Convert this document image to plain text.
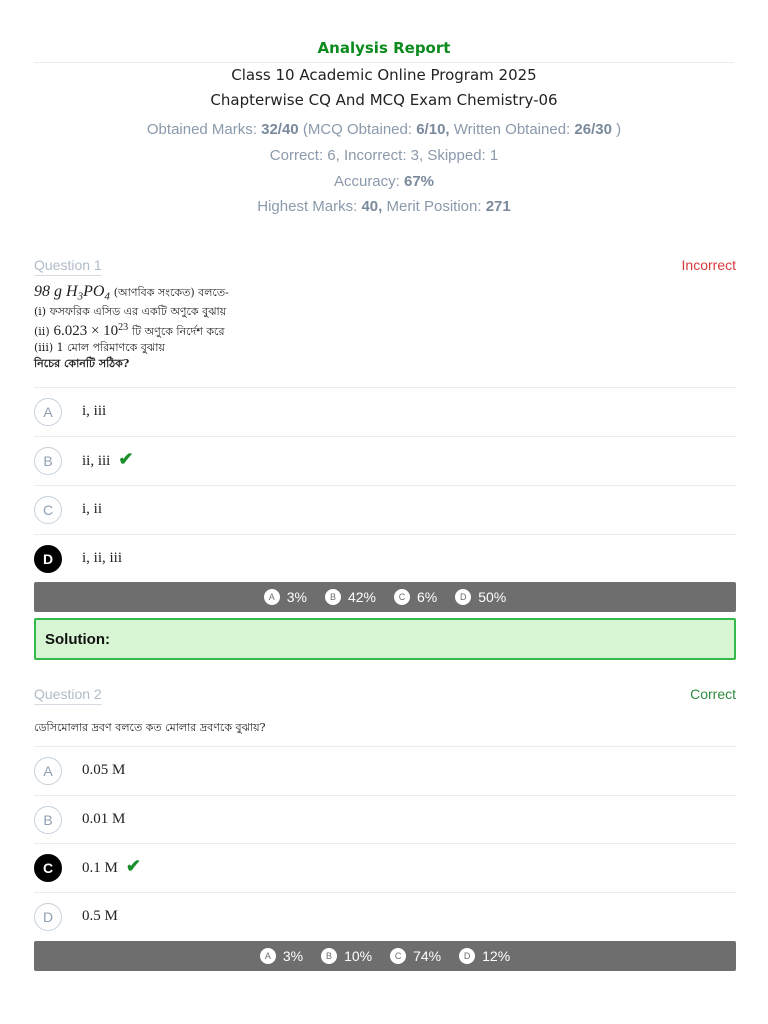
Analysis Report
Class 10 Academic Online Program 2025
Chapterwise CQ And MCQ Exam Chemistry-06
Obtained Marks: 32/40 (MCQ Obtained: 6/10, Written Obtained: 26/30 )
Correct: 6, Incorrect: 3, Skipped: 1
Accuracy: 67%
Highest Marks: 40, Merit Position: 271
Question 1	Incorrect
98 g $H_3PO_4$ (আণবিক সংকেত) বলতে-
(i) ফসফরিক এসিড এর একটি অণুকে বুঝায়
(ii) $6.023 \times 10^{23}$ টি অণুকে নির্দেশ করে
(iii) 1 মোল পরিমাণকে বুঝায়
নিচের কোনটি সঠিক?
A	i, iii
B	ii, iii ✔
C	i, ii
D	i, ii, iii
A 3%	B 42%	C 6%	D 50%
Solution:
Question 2	Correct
ডেসিমোলার দ্রবণ বলতে কত মোলার দ্রবণকে বুঝায়?
A	0.05 M
B	0.01 M
C	0.1 M ✔
D	0.5 M
A 3%	B 10%	C 74%	D 12%
